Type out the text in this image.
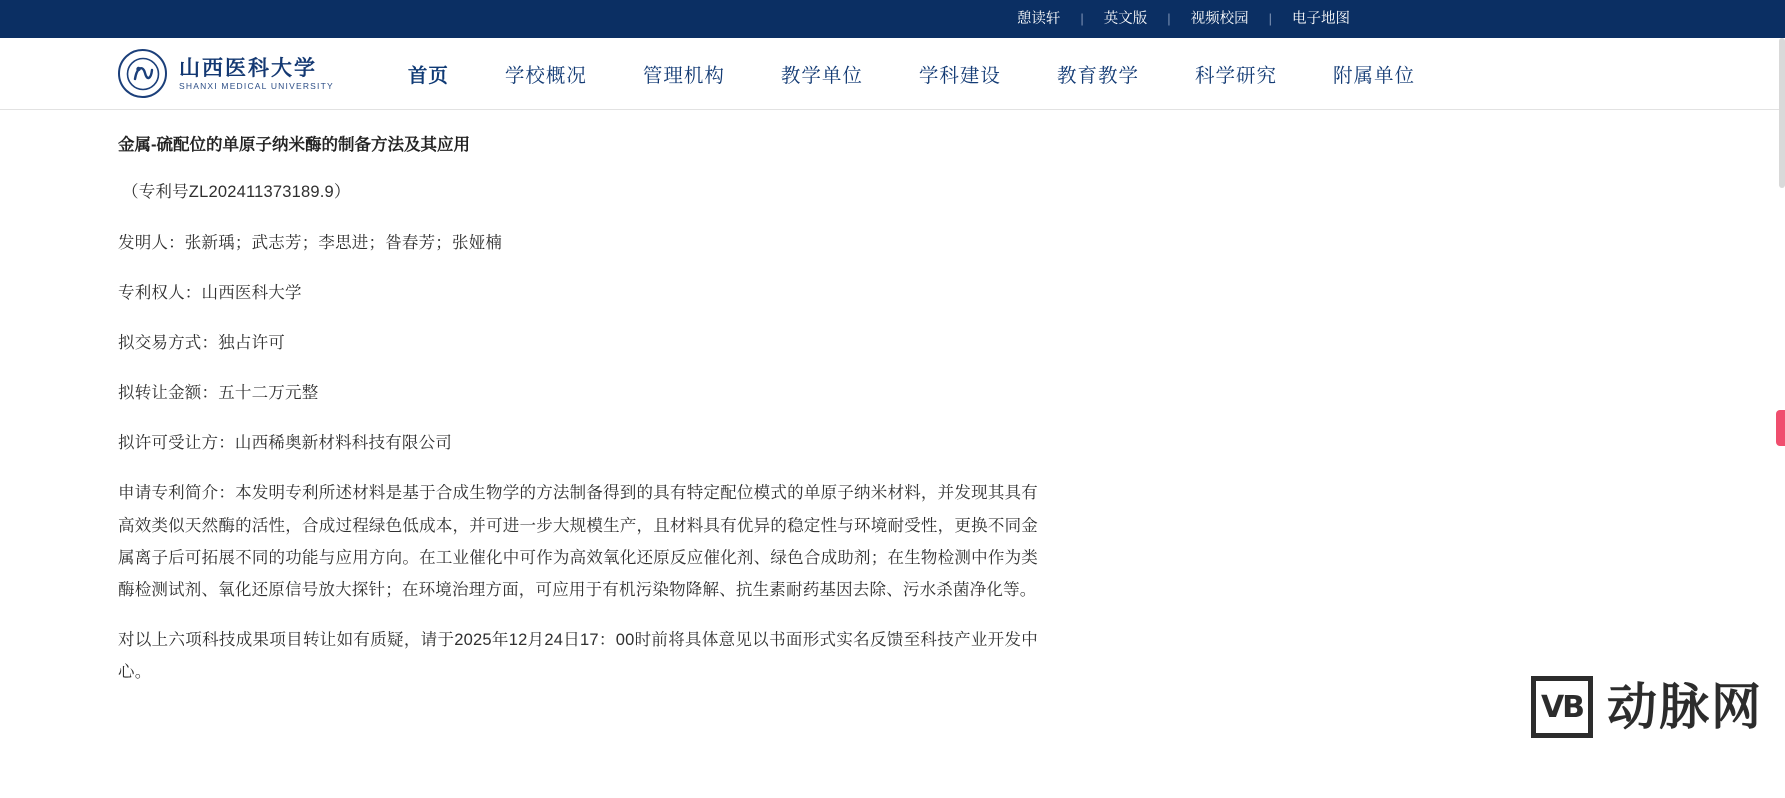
憩读轩	|	英文版	|	视频校园	|	电子地图
山西医科大学
SHANXI MEDICAL UNIVERSITY	首页	学校概况	管理机构	教学单位	学科建设	教育教学	科学研究	附属单位
金属-硫配位的单原子纳米酶的制备方法及其应用

（专利号ZL202411373189.9）

发明人：张新瑀；武志芳；李思进；昝春芳；张娅楠

专利权人：山西医科大学

拟交易方式：独占许可

拟转让金额：五十二万元整

拟许可受让方：山西稀奥新材料科技有限公司

申请专利简介：本发明专利所述材料是基于合成生物学的方法制备得到的具有特定配位模式的单原子纳米材料，并发现其具有高效类似天然酶的活性，合成过程绿色低成本，并可进一步大规模生产，且材料具有优异的稳定性与环境耐受性，更换不同金属离子后可拓展不同的功能与应用方向。在工业催化中可作为高效氧化还原反应催化剂、绿色合成助剂；在生物检测中作为类酶检测试剂、氧化还原信号放大探针；在环境治理方面，可应用于有机污染物降解、抗生素耐药基因去除、污水杀菌净化等。

对以上六项科技成果项目转让如有质疑，请于2025年12月24日17：00时前将具体意见以书面形式实名反馈至科技产业开发中心。

VB 动脉网
